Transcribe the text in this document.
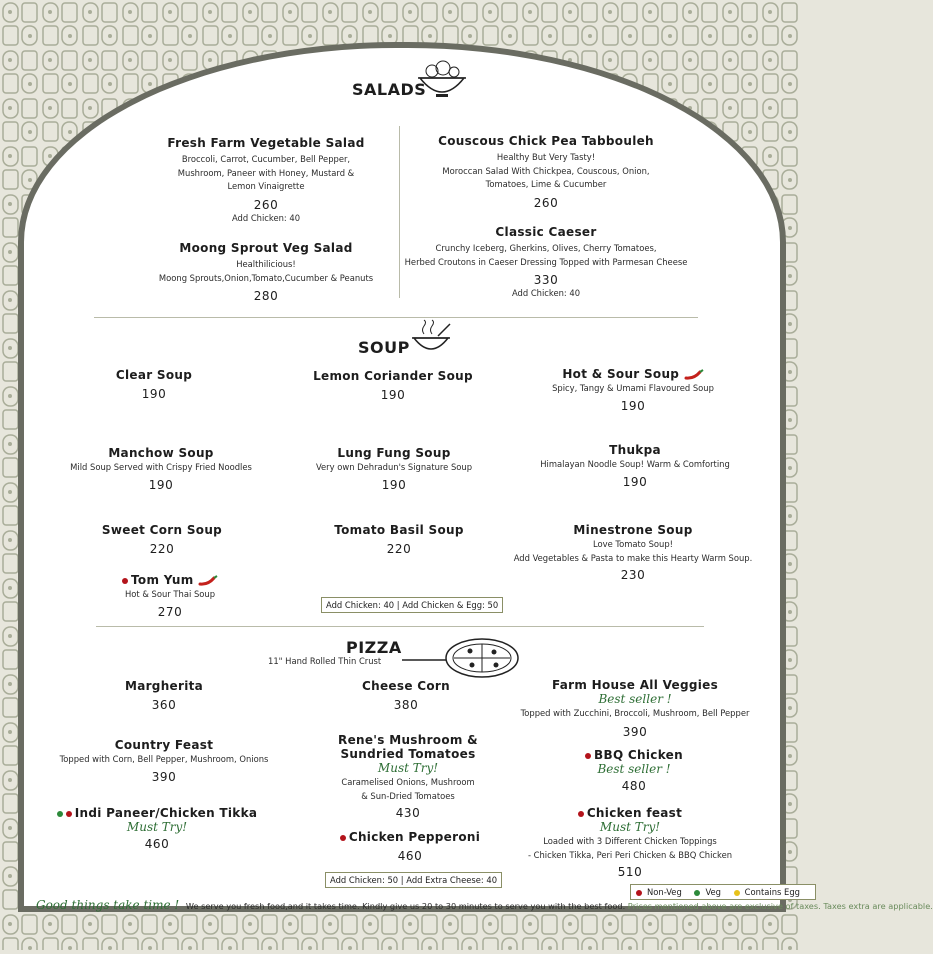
SALADS
Fresh Farm Vegetable Salad
Broccoli, Carrot, Cucumber, Bell Pepper,
Mushroom, Paneer with Honey, Mustard &
Lemon Vinaigrette
260
Add Chicken: 40
Moong Sprout Veg Salad
Healthilicious!
Moong Sprouts,Onion,Tomato,Cucumber & Peanuts
280
Couscous Chick Pea Tabbouleh
Healthy But Very Tasty!
Moroccan Salad With Chickpea, Couscous, Onion,
Tomatoes, Lime & Cucumber
260
Classic Caeser
Crunchy Iceberg, Gherkins, Olives, Cherry Tomatoes,
Herbed Croutons in Caeser Dressing Topped with Parmesan Cheese
330
Add Chicken: 40
SOUP
Clear Soup
190
Lemon Coriander Soup
190
Hot & Sour Soup
Spicy, Tangy & Umami Flavoured Soup
190
Manchow Soup
Mild Soup Served with Crispy Fried Noodles
190
Lung Fung Soup
Very own Dehradun's Signature Soup
190
Thukpa
Himalayan Noodle Soup! Warm & Comforting
190
Sweet Corn Soup
220
Tomato Basil Soup
220
Minestrone Soup
Love Tomato Soup!
Add Vegetables & Pasta to make this Hearty Warm Soup.
230
Tom Yum
Hot & Sour Thai Soup
270	Add Chicken: 40 | Add Chicken & Egg: 50
PIZZA
11" Hand Rolled Thin Crust
Margherita
360
Cheese Corn
380
Farm House All Veggies
Best seller !
Topped with Zucchini, Broccoli, Mushroom, Bell Pepper
390
Country Feast
Topped with Corn, Bell Pepper, Mushroom, Onions
390
Rene's Mushroom &
Sundried Tomatoes
Must Try!
Caramelised Onions, Mushroom
& Sun-Dried Tomatoes
430
BBQ Chicken
Best seller !
480
Indi Paneer/Chicken Tikka
Must Try!
460	Chicken Pepperoni
460
Chicken feast
Must Try!
Loaded with 3 Different Chicken Toppings
- Chicken Tikka, Peri Peri Chicken & BBQ Chicken
510
Add Chicken: 50 | Add Extra Cheese: 40
Non-Veg	Veg	Contains Egg
Good things take time ! We serve you fresh food,and it takes time. Kindly give us 20 to 30 minutes to serve you with the best food. Prices mentioned above are exclusive of taxes. Taxes extra are applicable.
